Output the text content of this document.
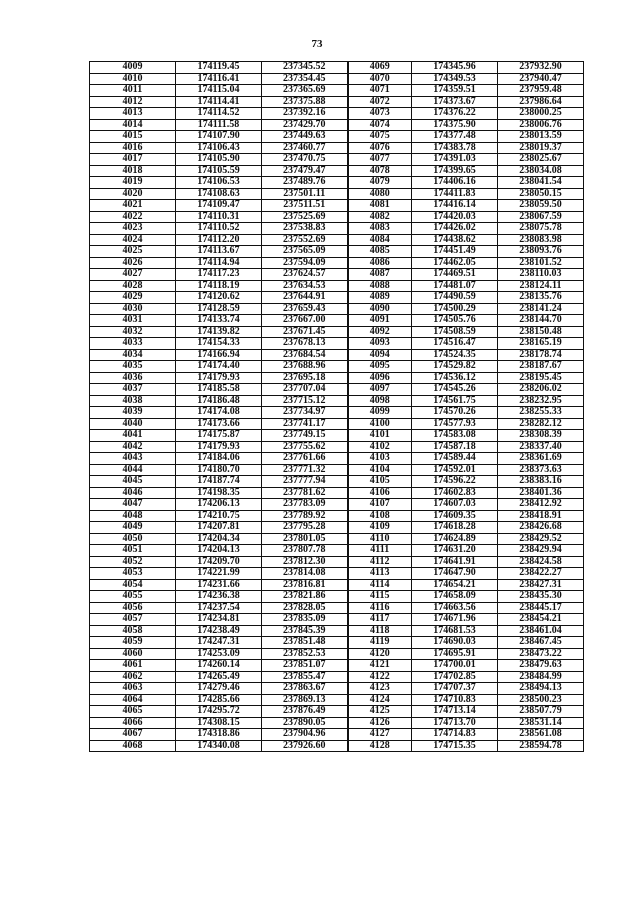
73
4009	174119.45	237345.52	4069	174345.96	237932.90
4010	174116.41	237354.45	4070	174349.53	237940.47
4011	174115.04	237365.69	4071	174359.51	237959.48
4012	174114.41	237375.88	4072	174373.67	237986.64
4013	174114.52	237392.16	4073	174376.22	238000.25
4014	174111.58	237429.70	4074	174375.90	238006.76
4015	174107.90	237449.63	4075	174377.48	238013.59
4016	174106.43	237460.77	4076	174383.78	238019.37
4017	174105.90	237470.75	4077	174391.03	238025.67
4018	174105.59	237479.47	4078	174399.65	238034.08
4019	174106.53	237489.76	4079	174406.16	238041.54
4020	174108.63	237501.11	4080	174411.83	238050.15
4021	174109.47	237511.51	4081	174416.14	238059.50
4022	174110.31	237525.69	4082	174420.03	238067.59
4023	174110.52	237538.83	4083	174426.02	238075.78
4024	174112.20	237552.69	4084	174438.62	238083.98
4025	174113.67	237565.09	4085	174451.49	238093.76
4026	174114.94	237594.09	4086	174462.05	238101.52
4027	174117.23	237624.57	4087	174469.51	238110.03
4028	174118.19	237634.53	4088	174481.07	238124.11
4029	174120.62	237644.91	4089	174490.59	238135.76
4030	174128.59	237659.43	4090	174500.29	238141.24
4031	174133.74	237667.00	4091	174505.76	238144.70
4032	174139.82	237671.45	4092	174508.59	238150.48
4033	174154.33	237678.13	4093	174516.47	238165.19
4034	174166.94	237684.54	4094	174524.35	238178.74
4035	174174.40	237688.96	4095	174529.82	238187.67
4036	174179.93	237695.18	4096	174536.12	238195.45
4037	174185.58	237707.04	4097	174545.26	238206.02
4038	174186.48	237715.12	4098	174561.75	238232.95
4039	174174.08	237734.97	4099	174570.26	238255.33
4040	174173.66	237741.17	4100	174577.93	238282.12
4041	174175.87	237749.15	4101	174583.08	238308.39
4042	174179.93	237755.62	4102	174587.18	238337.40
4043	174184.06	237761.66	4103	174589.44	238361.69
4044	174180.70	237771.32	4104	174592.01	238373.63
4045	174187.74	237777.94	4105	174596.22	238383.16
4046	174198.35	237781.62	4106	174602.83	238401.36
4047	174206.13	237783.09	4107	174607.03	238412.92
4048	174210.75	237789.92	4108	174609.35	238418.91
4049	174207.81	237795.28	4109	174618.28	238426.68
4050	174204.34	237801.05	4110	174624.89	238429.52
4051	174204.13	237807.78	4111	174631.20	238429.94
4052	174209.70	237812.30	4112	174641.91	238424.58
4053	174221.99	237814.08	4113	174647.90	238422.27
4054	174231.66	237816.81	4114	174654.21	238427.31
4055	174236.38	237821.86	4115	174658.09	238435.30
4056	174237.54	237828.05	4116	174663.56	238445.17
4057	174234.81	237835.09	4117	174671.96	238454.21
4058	174238.49	237845.39	4118	174681.53	238461.04
4059	174247.31	237851.48	4119	174690.03	238467.45
4060	174253.09	237852.53	4120	174695.91	238473.22
4061	174260.14	237851.07	4121	174700.01	238479.63
4062	174265.49	237855.47	4122	174702.85	238484.99
4063	174279.46	237863.67	4123	174707.37	238494.13
4064	174285.66	237869.13	4124	174710.83	238500.23
4065	174295.72	237876.49	4125	174713.14	238507.79
4066	174308.15	237890.05	4126	174713.70	238531.14
4067	174318.86	237904.96	4127	174714.83	238561.08
4068	174340.08	237926.60	4128	174715.35	238594.78
